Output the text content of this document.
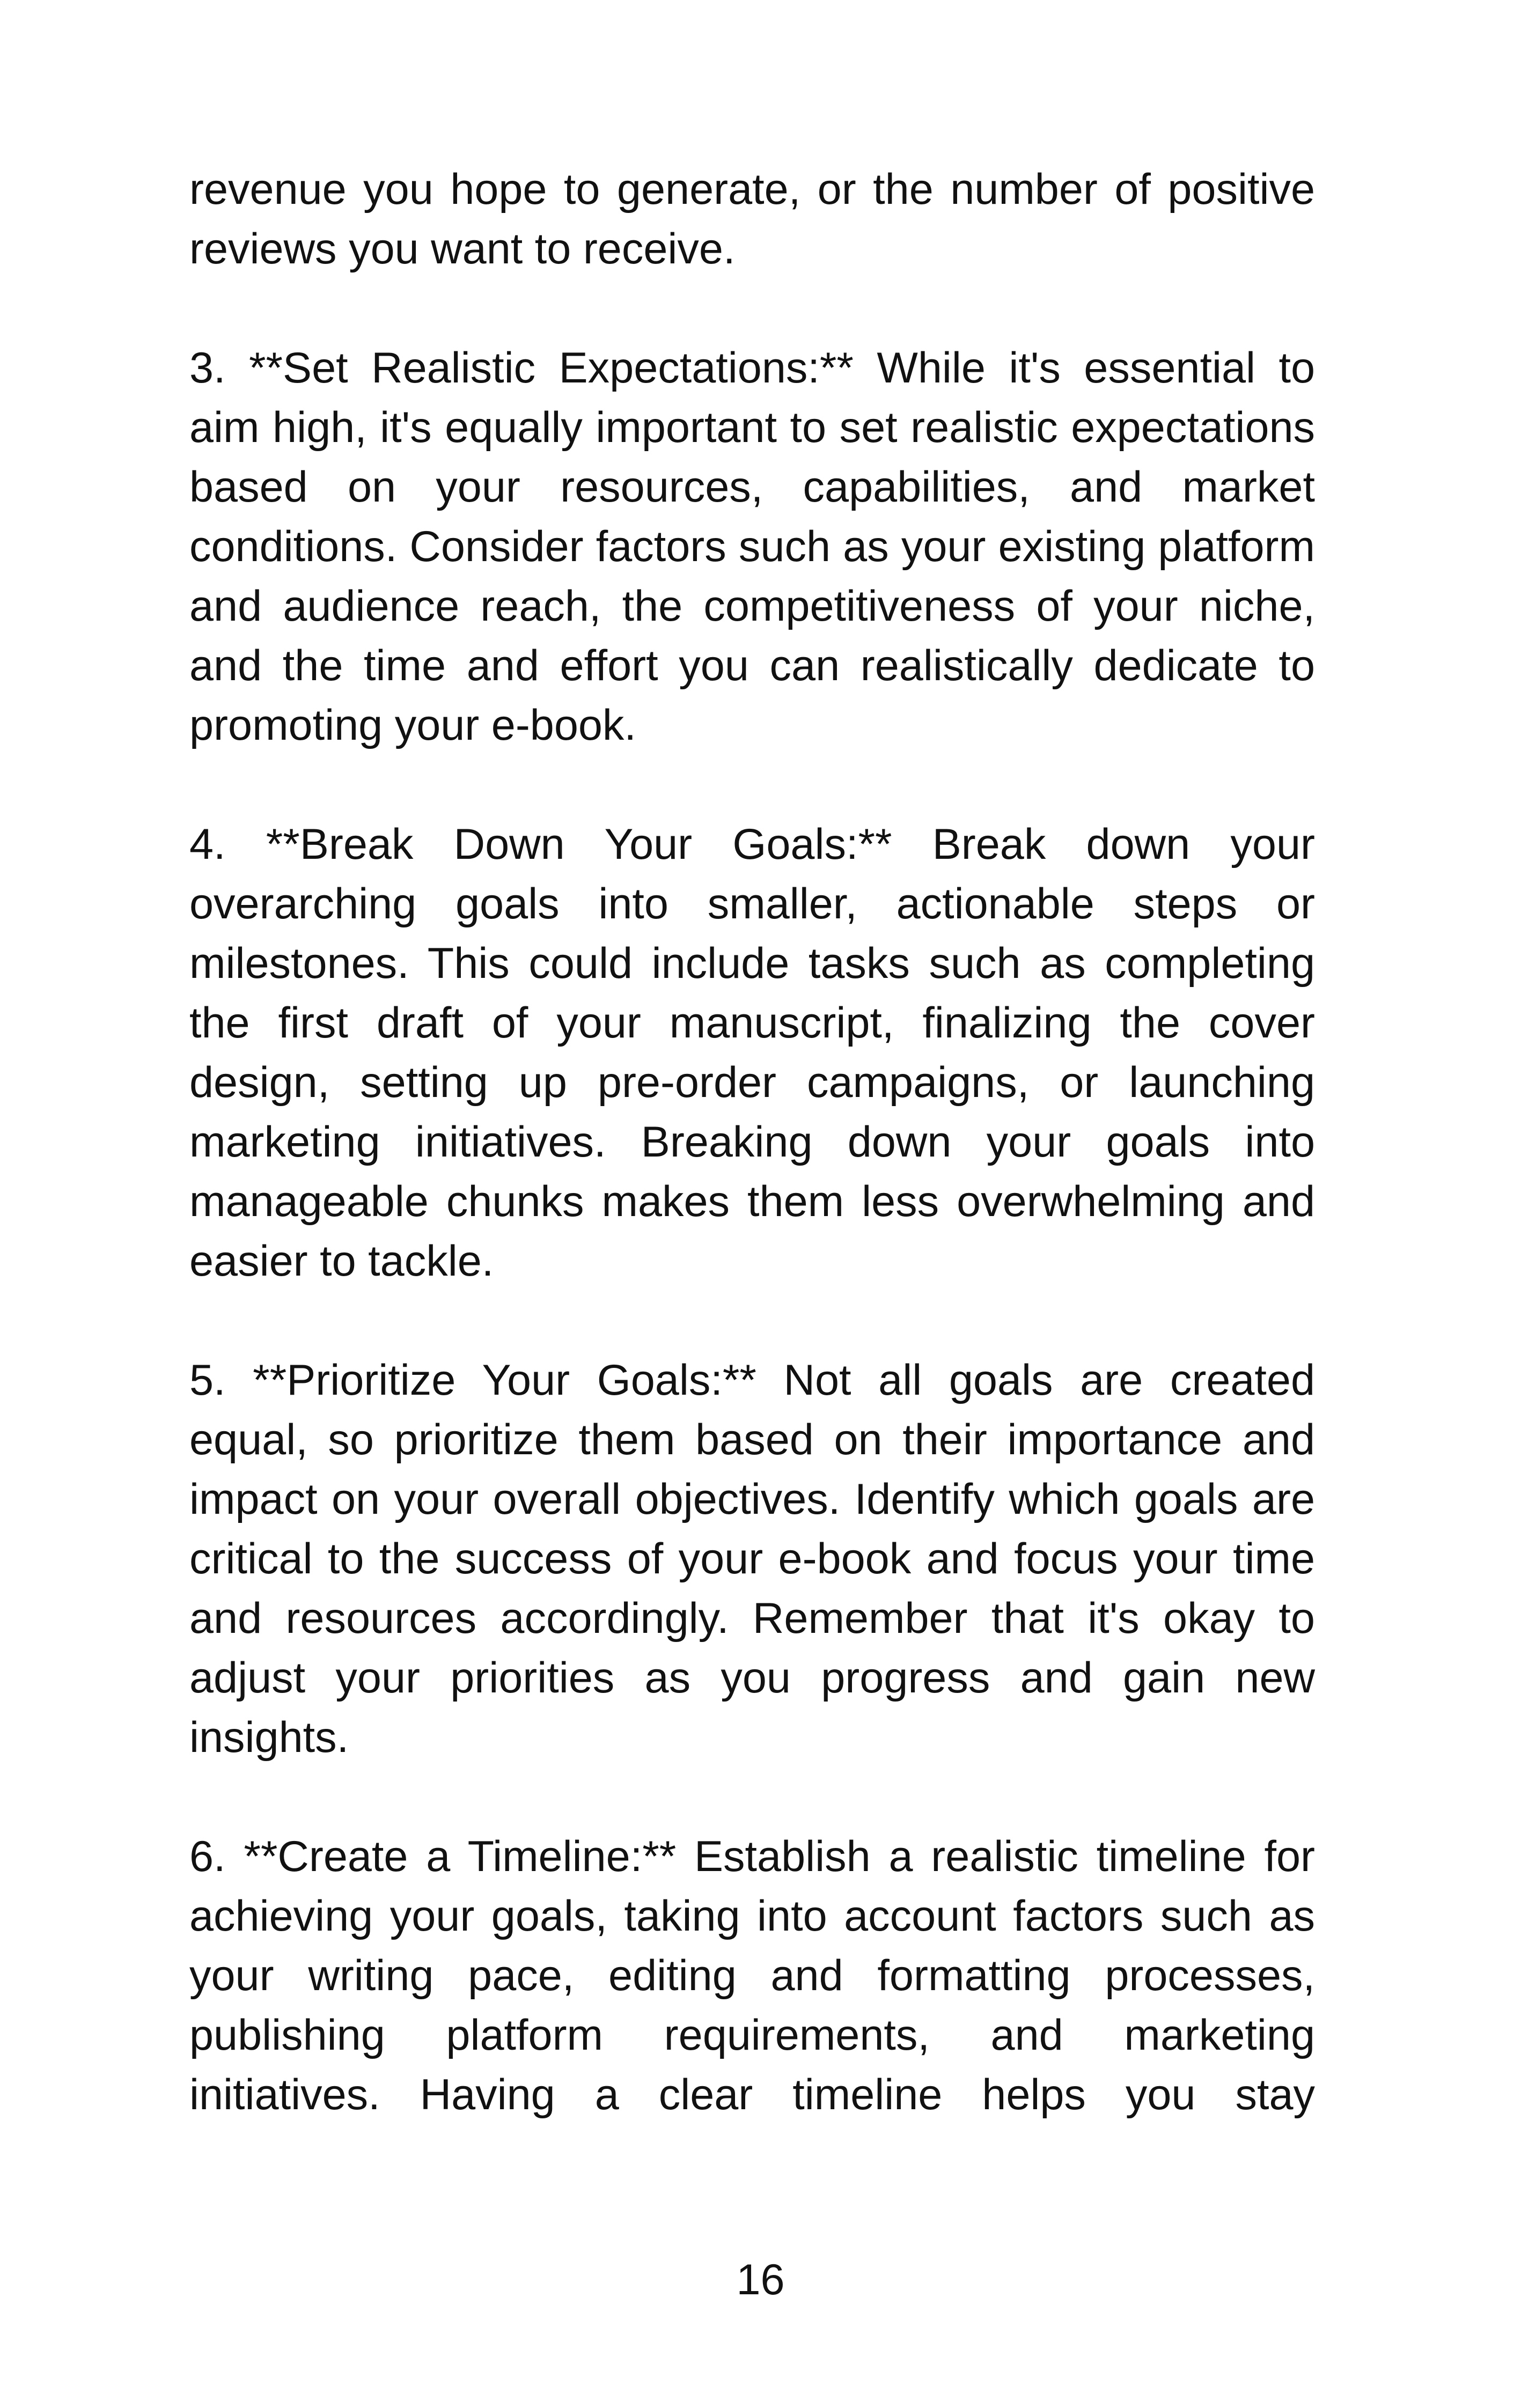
revenue you hope to generate, or the number of positive reviews you want to receive.

3. **Set Realistic Expectations:** While it's essential to aim high, it's equally important to set realistic expectations based on your resources, capabilities, and market conditions. Consider factors such as your existing platform and audience reach, the competitiveness of your niche, and the time and effort you can realistically dedicate to promoting your e-book.

4. **Break Down Your Goals:** Break down your overarching goals into smaller, actionable steps or milestones. This could include tasks such as completing the first draft of your manuscript, finalizing the cover design, setting up pre-order campaigns, or launching marketing initiatives. Breaking down your goals into manageable chunks makes them less overwhelming and easier to tackle.

5. **Prioritize Your Goals:** Not all goals are created equal, so prioritize them based on their importance and impact on your overall objectives. Identify which goals are critical to the success of your e-book and focus your time and resources accordingly. Remember that it's okay to adjust your priorities as you progress and gain new insights.

6. **Create a Timeline:** Establish a realistic timeline for achieving your goals, taking into account factors such as your writing pace, editing and formatting processes, publishing platform requirements, and marketing initiatives. Having a clear timeline helps you stay

16
